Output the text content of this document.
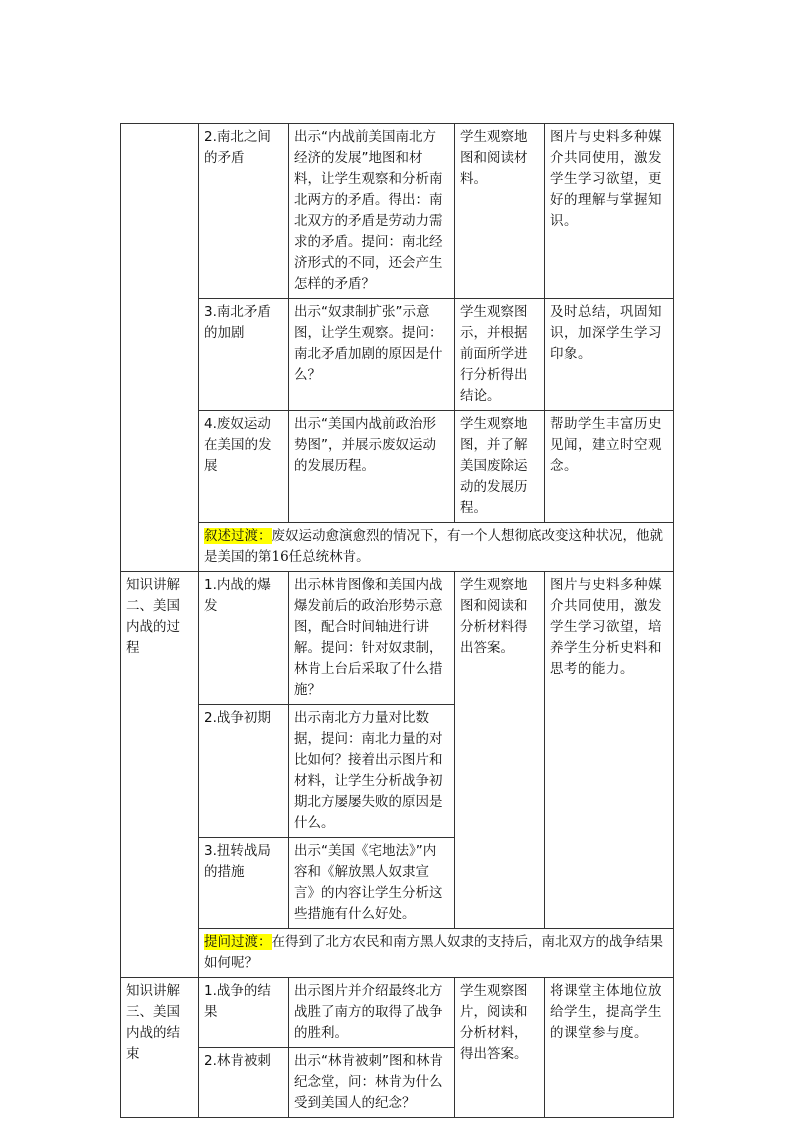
	2.南北之间的矛盾	出示“内战前美国南北方经济的发展”地图和材料，让学生观察和分析南北两方的矛盾。得出：南北双方的矛盾是劳动力需求的矛盾。提问：南北经济形式的不同，还会产生怎样的矛盾？	学生观察地图和阅读材料。	图片与史料多种媒介共同使用，激发学生学习欲望，更好的理解与掌握知识。
	3.南北矛盾的加剧	出示“奴隶制扩张”示意图，让学生观察。提问：南北矛盾加剧的原因是什么？	学生观察图示，并根据前面所学进行分析得出结论。	及时总结，巩固知识，加深学生学习印象。
	4.废奴运动在美国的发展	出示“美国内战前政治形势图”，并展示废奴运动的发展历程。	学生观察地图，并了解美国废除运动的发展历程。	帮助学生丰富历史见闻，建立时空观念。
	叙述过渡：废奴运动愈演愈烈的情况下，有一个人想彻底改变这种状况，他就是美国的第16任总统林肯。			
知识讲解二、美国内战的过程	1.内战的爆发	出示林肯图像和美国内战爆发前后的政治形势示意图，配合时间轴进行讲解。提问：针对奴隶制，林肯上台后采取了什么措施？	学生观察地图和阅读和分析材料得出答案。	图片与史料多种媒介共同使用，激发学生学习欲望，培养学生分析史料和思考的能力。
	2.战争初期	出示南北方力量对比数据，提问：南北力量的对比如何？接着出示图片和材料，让学生分析战争初期北方屡屡失败的原因是什么。		
	3.扭转战局的措施	出示“美国《宅地法》”内容和《解放黑人奴隶宣言》的内容让学生分析这些措施有什么好处。		
	提问过渡：在得到了北方农民和南方黑人奴隶的支持后，南北双方的战争结果如何呢？			
知识讲解三、美国内战的结束	1.战争的结果	出示图片并介绍最终北方战胜了南方的取得了战争的胜利。	学生观察图片，阅读和分析材料，得出答案。	将课堂主体地位放给学生，提高学生的课堂参与度。
	2.林肯被刺	出示“林肯被刺”图和林肯纪念堂，问：林肯为什么受到美国人的纪念？		
